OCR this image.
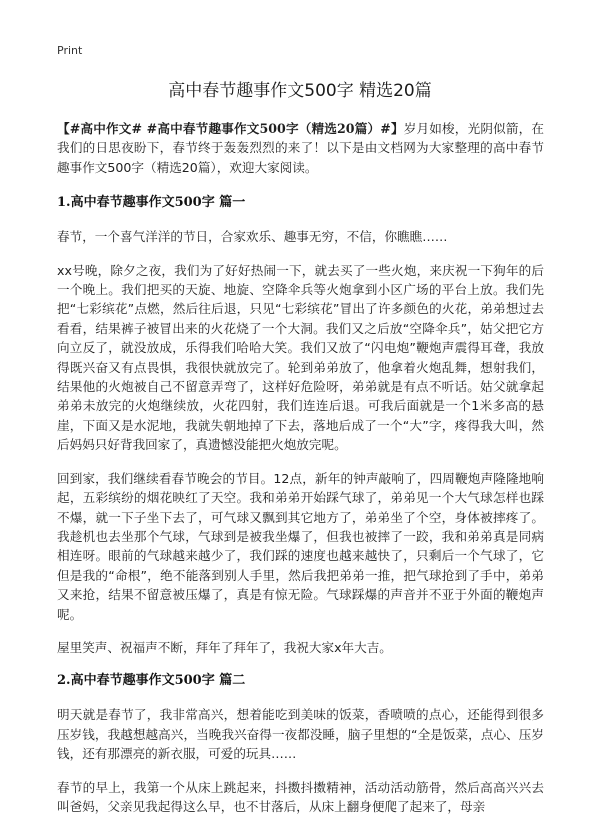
Print
高中春节趣事作文500字 精选20篇

【#高中作文# #高中春节趣事作文500字（精选20篇）#】岁月如梭，光阴似箭，在我们的日思夜盼下，春节终于轰轰烈烈的来了！以下是由文档网为大家整理的高中春节趣事作文500字（精选20篇），欢迎大家阅读。

1.高中春节趣事作文500字 篇一

春节，一个喜气洋洋的节日，合家欢乐、趣事无穷，不信，你瞧瞧……

xx号晚，除夕之夜，我们为了好好热闹一下，就去买了一些火炮，来庆祝一下狗年的后一个晚上。我们把买的天旋、地旋、空降伞兵等火炮拿到小区广场的平台上放。我们先把“七彩缤花”点燃，然后往后退，只见“七彩缤花”冒出了许多颜色的火花，弟弟想过去看看，结果裤子被冒出来的火花烧了一个大洞。我们又之后放“空降伞兵”，姑父把它方向立反了，就没放成，乐得我们哈哈大笑。我们又放了“闪电炮”鞭炮声震得耳聋，我放得既兴奋又有点畏惧，我很快就放完了。轮到弟弟放了，他拿着火炮乱舞，想射我们，结果他的火炮被自己不留意弄弯了，这样好危险呀，弟弟就是有点不听话。姑父就拿起弟弟未放完的火炮继续放，火花四射，我们连连后退。可我后面就是一个1米多高的悬崖，下面又是水泥地，我就失朝地掉了下去，落地后成了一个“大”字，疼得我大叫，然后妈妈只好背我回家了，真遗憾没能把火炮放完呢。

回到家，我们继续看春节晚会的节目。12点，新年的钟声敲响了，四周鞭炮声隆隆地响起，五彩缤纷的烟花映红了天空。我和弟弟开始踩气球了，弟弟见一个大气球怎样也踩不爆，就一下子坐下去了，可气球又飘到其它地方了，弟弟坐了个空，身体被摔疼了。我趁机也去坐那个气球，气球到是被我坐爆了，但我也被摔了一跤，我和弟弟真是同病相连呀。眼前的气球越来越少了，我们踩的速度也越来越快了，只剩后一个气球了，它但是我的“命根”，绝不能落到别人手里，然后我把弟弟一推，把气球抢到了手中，弟弟又来抢，结果不留意被压爆了，真是有惊无险。气球踩爆的声音并不亚于外面的鞭炮声呢。

屋里笑声、祝福声不断，拜年了拜年了，我祝大家x年大吉。

2.高中春节趣事作文500字 篇二

明天就是春节了，我非常高兴，想着能吃到美味的饭菜，香喷喷的点心，还能得到很多压岁钱，我越想越高兴，当晚我兴奋得一夜都没睡，脑子里想的“全是饭菜，点心、压岁钱，还有那漂亮的新衣服，可爱的玩具……

春节的早上，我第一个从床上跳起来，抖擞抖擞精神，活动活动筋骨，然后高高兴兴去叫爸妈，父亲见我起得这么早，也不甘落后，从床上翻身便爬了起来了，母亲
